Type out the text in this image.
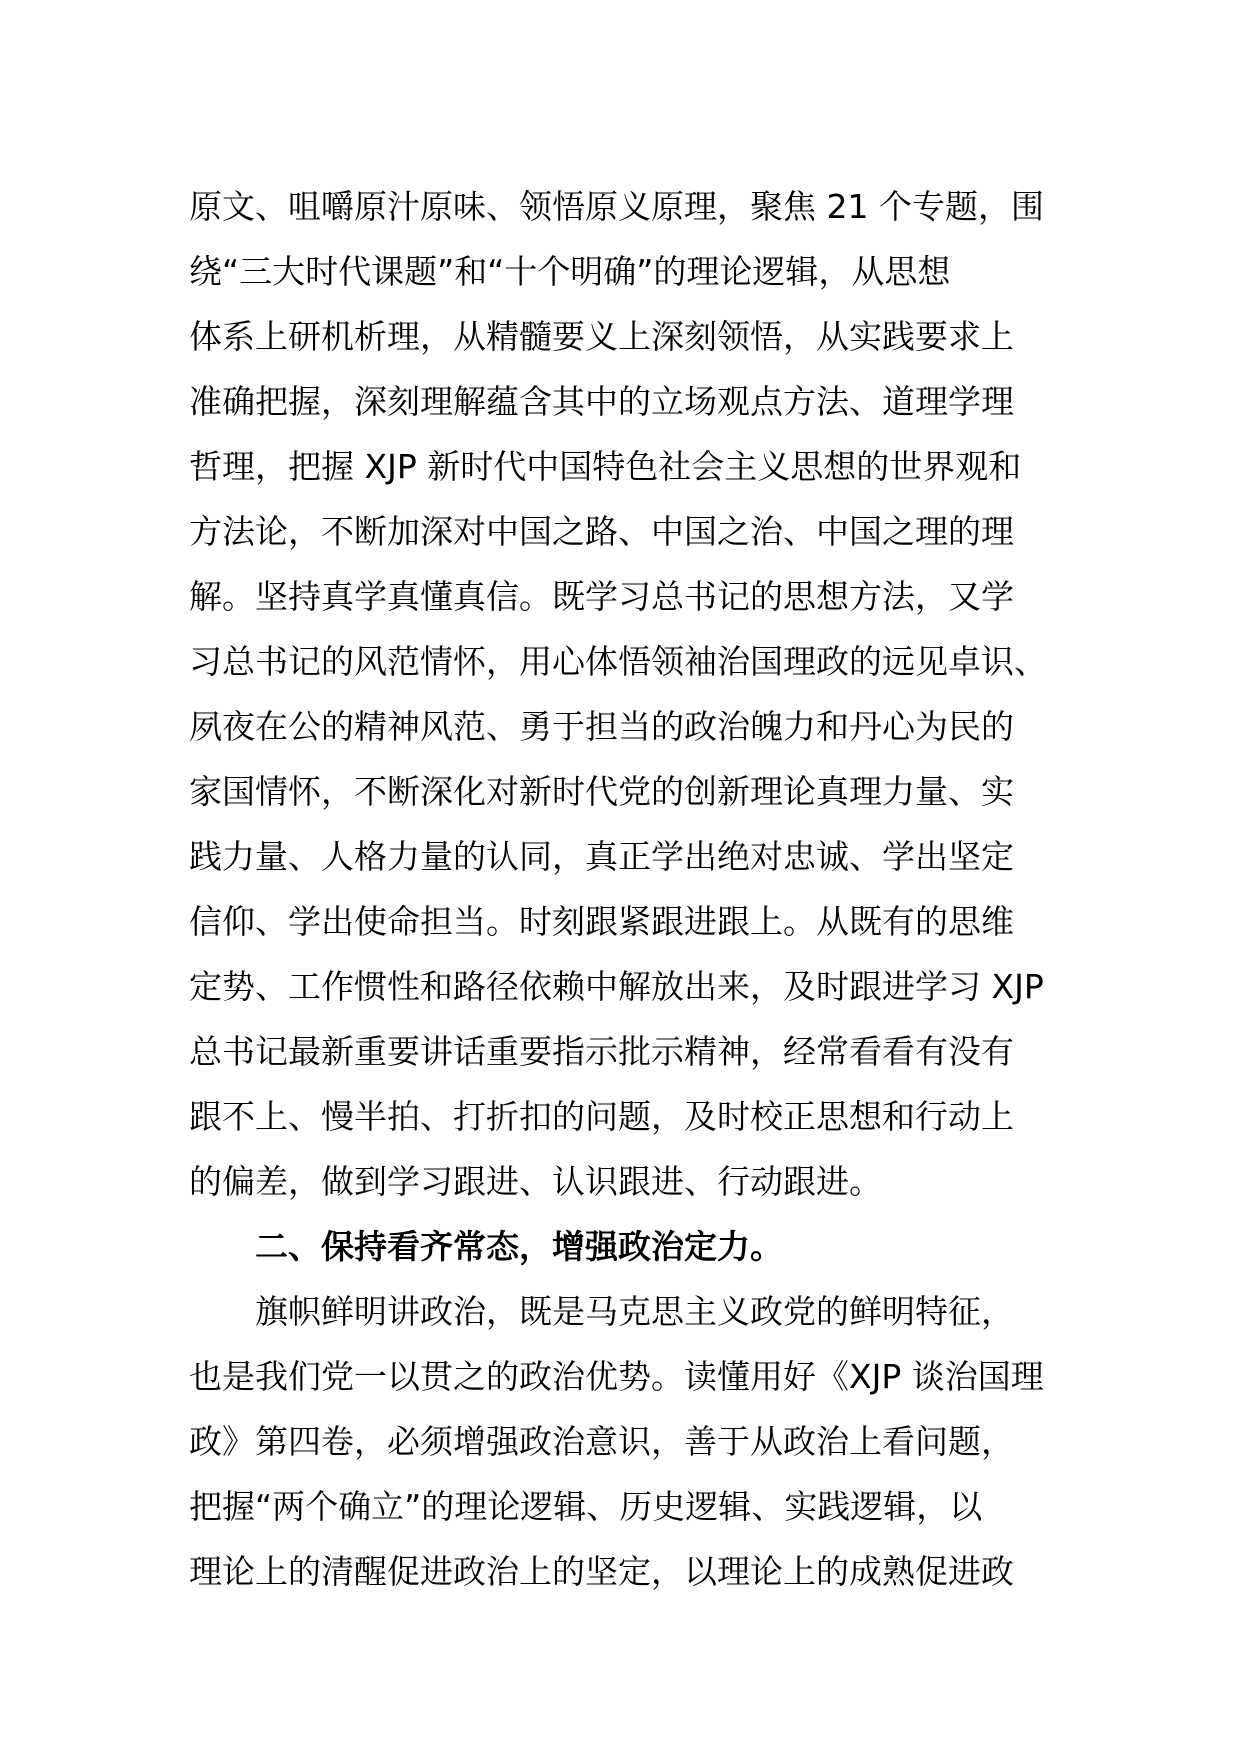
原文、咀嚼原汁原味、领悟原义原理，聚焦 21 个专题，围
绕“三大时代课题”和“十个明确”的理论逻辑，从思想
体系上研机析理，从精髓要义上深刻领悟，从实践要求上
准确把握，深刻理解蕴含其中的立场观点方法、道理学理
哲理，把握 XJP 新时代中国特色社会主义思想的世界观和
方法论，不断加深对中国之路、中国之治、中国之理的理
解。坚持真学真懂真信。既学习总书记的思想方法，又学
习总书记的风范情怀，用心体悟领袖治国理政的远见卓识、
夙夜在公的精神风范、勇于担当的政治魄力和丹心为民的
家国情怀，不断深化对新时代党的创新理论真理力量、实
践力量、人格力量的认同，真正学出绝对忠诚、学出坚定
信仰、学出使命担当。时刻跟紧跟进跟上。从既有的思维
定势、工作惯性和路径依赖中解放出来，及时跟进学习 XJP
总书记最新重要讲话重要指示批示精神，经常看看有没有
跟不上、慢半拍、打折扣的问题，及时校正思想和行动上
的偏差，做到学习跟进、认识跟进、行动跟进。
二、保持看齐常态，增强政治定力。
旗帜鲜明讲政治，既是马克思主义政党的鲜明特征，
也是我们党一以贯之的政治优势。读懂用好《XJP 谈治国理
政》第四卷，必须增强政治意识，善于从政治上看问题，
把握“两个确立”的理论逻辑、历史逻辑、实践逻辑，以
理论上的清醒促进政治上的坚定，以理论上的成熟促进政
